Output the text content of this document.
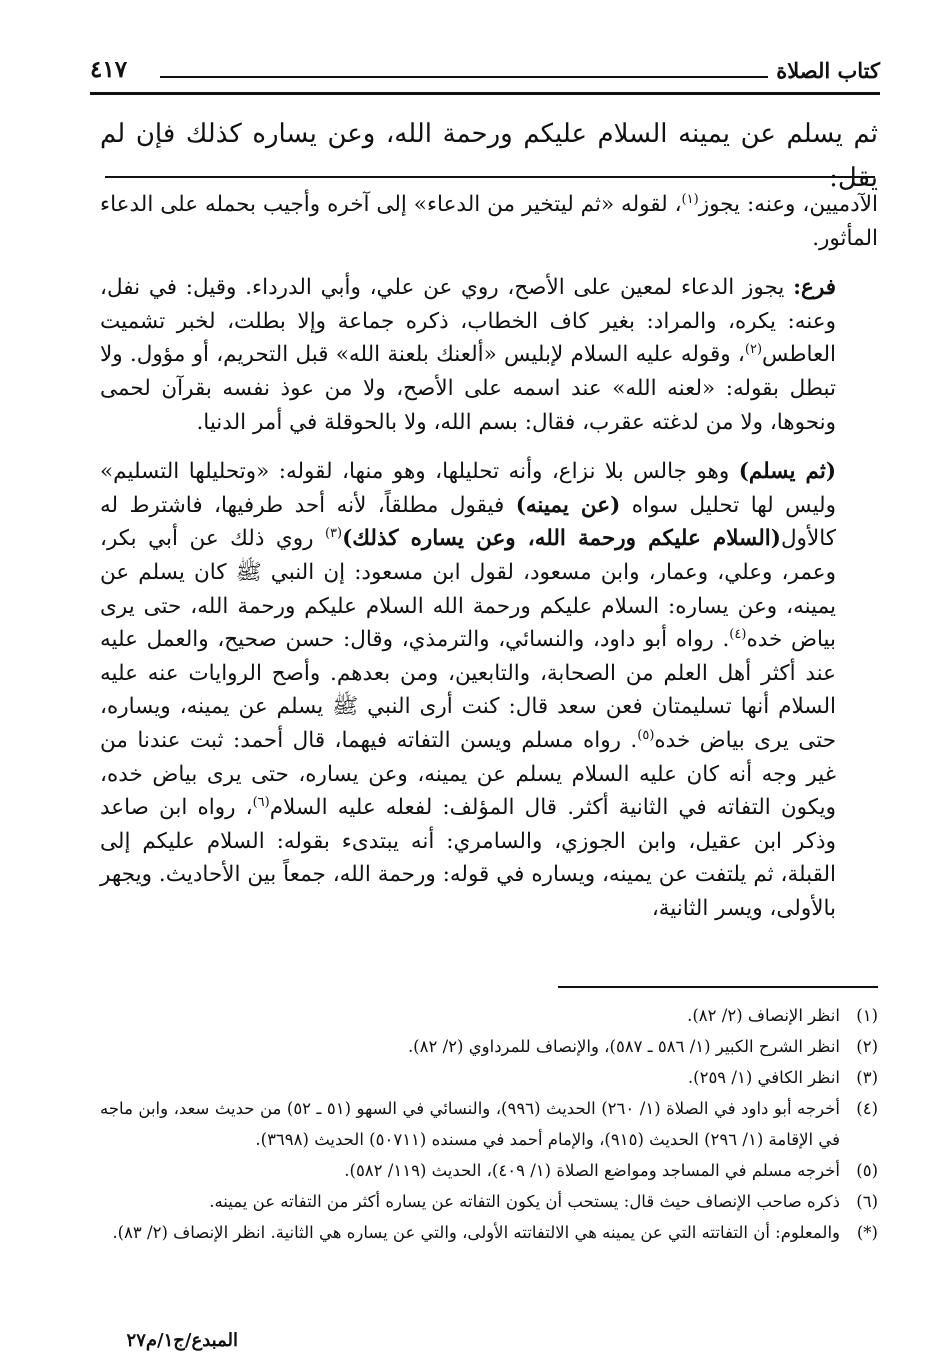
كتاب الصلاة
٤١٧
ثم يسلم عن يمينه السلام عليكم ورحمة الله، وعن يساره كذلك فإن لم يقل:

الآدميين، وعنه: يجوز$^{(١)}$، لقوله «ثم ليتخير من الدعاء» إلى آخره وأجيب بحمله على الدعاء المأثور.

فرع: يجوز الدعاء لمعين على الأصح، روي عن علي، وأبي الدرداء. وقيل: في نفل، وعنه: يكره، والمراد: بغير كاف الخطاب، ذكره جماعة وإلا بطلت، لخبر تشميت العاطس$^{(٢)}$، وقوله عليه السلام لإبليس «ألعنك بلعنة الله» قبل التحريم، أو مؤول. ولا تبطل بقوله: «لعنه الله» عند اسمه على الأصح، ولا من عوذ نفسه بقرآن لحمى ونحوها، ولا من لدغته عقرب، فقال: بسم الله، ولا بالحوقلة في أمر الدنيا.

(ثم يسلم) وهو جالس بلا نزاع، وأنه تحليلها، وهو منها، لقوله: «وتحليلها التسليم» وليس لها تحليل سواه (عن يمينه) فيقول مطلقاً، لأنه أحد طرفيها، فاشترط له كالأول(السلام عليكم ورحمة الله، وعن يساره كذلك)$^{(٣)}$ روي ذلك عن أبي بكر، وعمر، وعلي، وعمار، وابن مسعود، لقول ابن مسعود: إن النبي ﷺ كان يسلم عن يمينه، وعن يساره: السلام عليكم ورحمة الله السلام عليكم ورحمة الله، حتى يرى بياض خده$^{(٤)}$. رواه أبو داود، والنسائي، والترمذي، وقال: حسن صحيح، والعمل عليه عند أكثر أهل العلم من الصحابة، والتابعين، ومن بعدهم. وأصح الروايات عنه عليه السلام أنها تسليمتان فعن سعد قال: كنت أرى النبي ﷺ يسلم عن يمينه، ويساره، حتى يرى بياض خده$^{(٥)}$. رواه مسلم ويسن التفاته فيهما، قال أحمد: ثبت عندنا من غير وجه أنه كان عليه السلام يسلم عن يمينه، وعن يساره، حتى يرى بياض خده، ويكون التفاته في الثانية أكثر. قال المؤلف: لفعله عليه السلام$^{(٦)}$، رواه ابن صاعد وذكر ابن عقيل، وابن الجوزي، والسامري: أنه يبتدىء بقوله: السلام عليكم إلى القبلة، ثم يلتفت عن يمينه، ويساره في قوله: ورحمة الله، جمعاً بين الأحاديث. ويجهر بالأولى، ويسر الثانية،

(١)
انظر الإنصاف (٢/ ٨٢).
(٢)
انظر الشرح الكبير (١/ ٥٨٦ ـ ٥٨٧)، والإنصاف للمرداوي (٢/ ٨٢).
(٣)
انظر الكافي (١/ ٢٥٩).
(٤)
أخرجه أبو داود في الصلاة (١/ ٢٦٠) الحديث (٩٩٦)، والنسائي في السهو (٥١ ـ ٥٢) من حديث سعد، وابن ماجه في الإقامة (١/ ٢٩٦) الحديث (٩١٥)، والإمام أحمد في مسنده (٥٠٧١١) الحديث (٣٦٩٨).
(٥)
أخرجه مسلم في المساجد ومواضع الصلاة (١/ ٤٠٩)، الحديث (١١٩/ ٥٨٢).
(٦)
ذكره صاحب الإنصاف حيث قال: يستحب أن يكون التفاته عن يساره أكثر من التفاته عن يمينه.
(*)
والمعلوم: أن التفاتته التي عن يمينه هي الالتفاتته الأولى، والتي عن يساره هي الثانية. انظر الإنصاف (٢/ ٨٣).
المبدع/ج١/م٢٧
